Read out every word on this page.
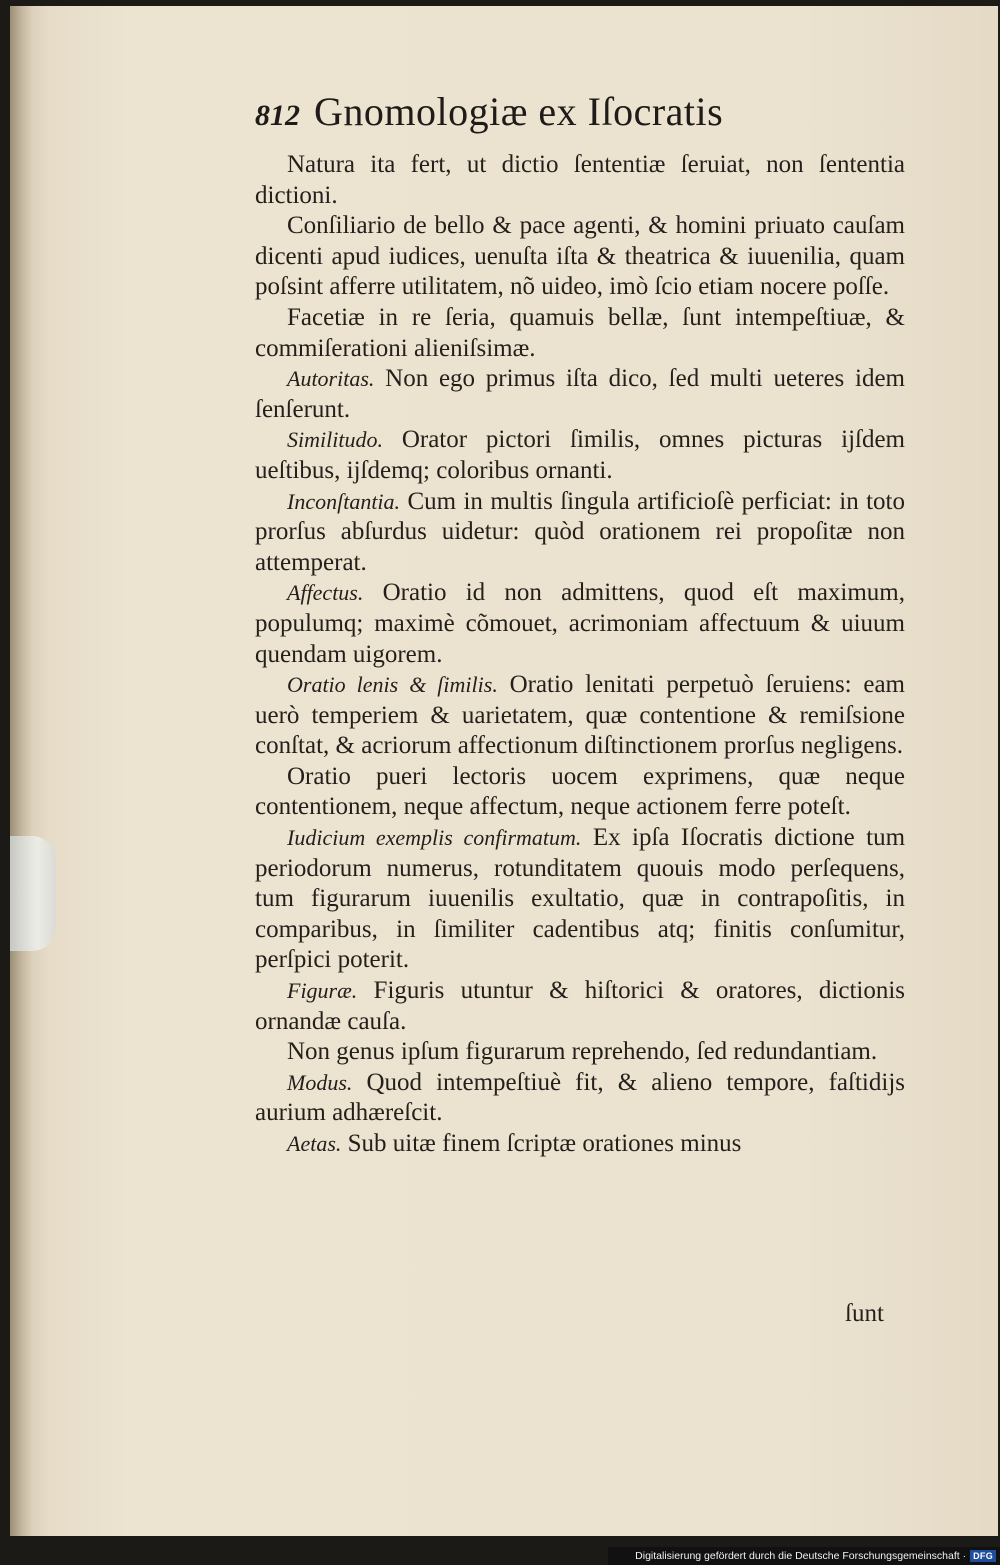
812 Gnomologiæ ex Iſocratis

Natura ita fert, ut dictio ſententiæ ſeruiat, non ſententia dictioni.

Conſiliario de bello & pace agenti, & homini priuato cauſam dicenti apud iudices, uenuſta iſta & theatrica & iuuenilia, quam poſsint afferre utilitatem, nõ uideo, imò ſcio etiam nocere poſſe.

Facetiæ in re ſeria, quamuis bellæ, ſunt intempeſtiuæ, & commiſerationi alieniſsimæ.

Autoritas. Non ego primus iſta dico, ſed multi ueteres idem ſenſerunt.

Similitudo. Orator pictori ſimilis, omnes picturas ijſdem ueſtibus, ijſdemq; coloribus ornanti.

Inconſtantia. Cum in multis ſingula artificioſè perficiat: in toto prorſus abſurdus uidetur: quòd orationem rei propoſitæ non attemperat.

Affectus. Oratio id non admittens, quod eſt maximum, populumq; maximè cõmouet, acrimoniam affectuum & uiuum quendam uigorem.

Oratio lenis & ſimilis. Oratio lenitati perpetuò ſeruiens: eam uerò temperiem & uarietatem, quæ contentione & remiſsione conſtat, & acriorum affectionum diſtinctionem prorſus negligens.

Oratio pueri lectoris uocem exprimens, quæ neque contentionem, neque affectum, neque actionem ferre poteſt.

Iudicium exemplis confirmatum. Ex ipſa Iſocratis dictione tum periodorum numerus, rotunditatem quouis modo perſequens, tum figurarum iuuenilis exultatio, quæ in contrapoſitis, in comparibus, in ſimiliter cadentibus atq; finitis conſumitur, perſpici poterit.

Figuræ. Figuris utuntur & hiſtorici & oratores, dictionis ornandæ cauſa.

Non genus ipſum figurarum reprehendo, ſed redundantiam.

Modus. Quod intempeſtiuè fit, & alieno tempore, faſtidijs aurium adhæreſcit.

Aetas. Sub uitæ finem ſcriptæ orationes minus

ſunt
Digitalisierung gefördert durch die Deutsche Forschungsgemeinschaft · DFG
